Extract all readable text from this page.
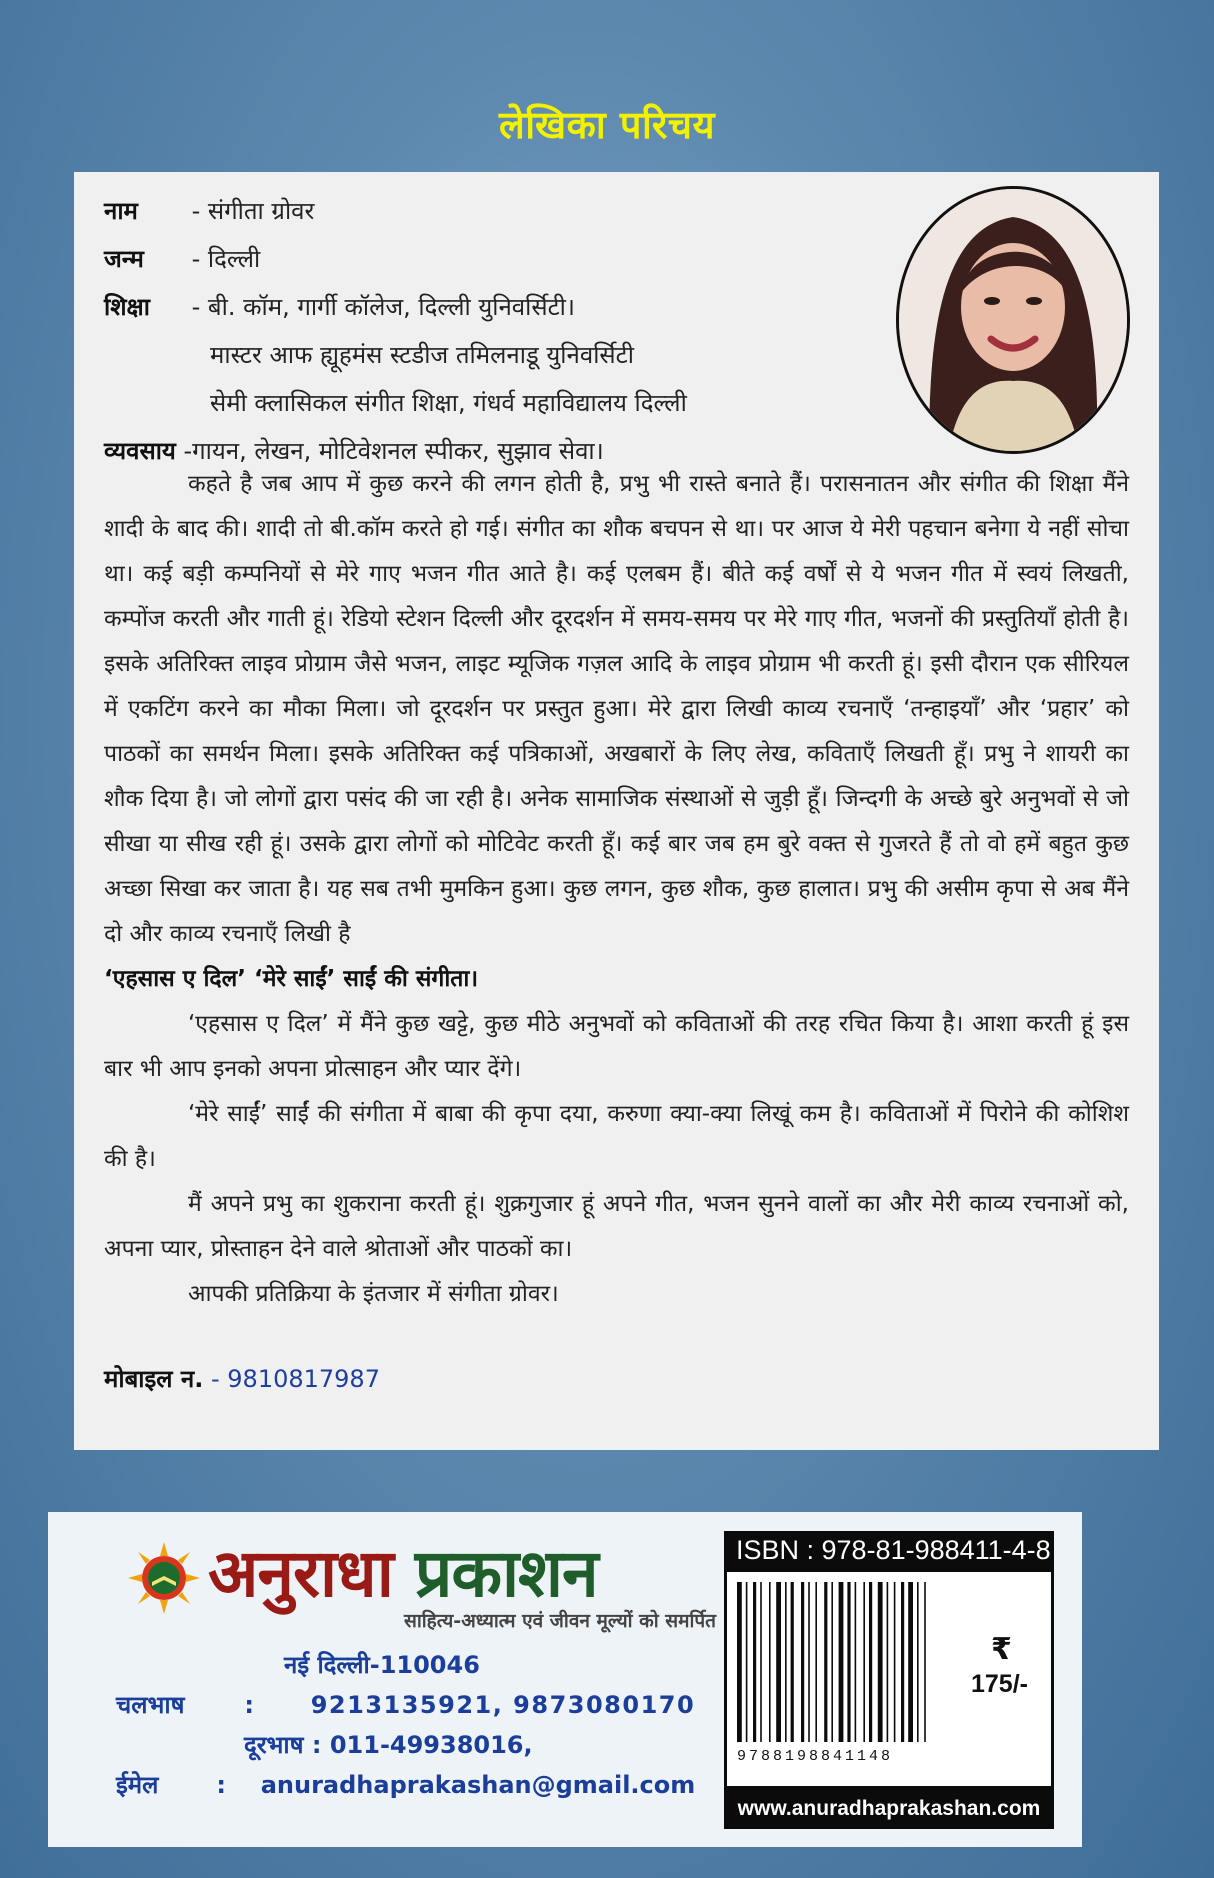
लेखिका परिचय
नाम - संगीता ग्रोवर
जन्म - दिल्ली
शिक्षा - बी. कॉम, गार्गी कॉलेज, दिल्ली युनिवर्सिटी।
मास्टर आफ ह्यूहमंस स्टडीज तमिलनाडू युनिवर्सिटी
सेमी क्लासिकल संगीत शिक्षा, गंधर्व महाविद्यालय दिल्ली
व्यवसाय -गायन, लेखन, मोटिवेशनल स्पीकर, सुझाव सेवा।

कहते है जब आप में कुछ करने की लगन होती है, प्रभु भी रास्ते बनाते हैं। परासनातन और संगीत की शिक्षा मैंने शादी के बाद की। शादी तो बी.कॉम करते हो गई। संगीत का शौक बचपन से था। पर आज ये मेरी पहचान बनेगा ये नहीं सोचा था। कई बड़ी कम्पनियों से मेरे गाए भजन गीत आते है। कई एलबम हैं। बीते कई वर्षों से ये भजन गीत में स्वयं लिखती, कम्पोंज करती और गाती हूं। रेडियो स्टेशन दिल्ली और दूरदर्शन में समय-समय पर मेरे गाए गीत, भजनों की प्रस्तुतियाँ होती है। इसके अतिरिक्त लाइव प्रोग्राम जैसे भजन, लाइट म्यूजिक गज़ल आदि के लाइव प्रोग्राम भी करती हूं। इसी दौरान एक सीरियल में एकटिंग करने का मौका मिला। जो दूरदर्शन पर प्रस्तुत हुआ। मेरे द्वारा लिखी काव्य रचनाएँ ‘तन्हाइयाँ’ और ‘प्रहार’ को पाठकों का समर्थन मिला। इसके अतिरिक्त कई पत्रिकाओं, अखबारों के लिए लेख, कविताएँ लिखती हूँ। प्रभु ने शायरी का शौक दिया है। जो लोगों द्वारा पसंद की जा रही है। अनेक सामाजिक संस्थाओं से जुड़ी हूँ। जिन्दगी के अच्छे बुरे अनुभवों से जो सीखा या सीख रही हूं। उसके द्वारा लोगों को मोटिवेट करती हूँ। कई बार जब हम बुरे वक्त से गुजरते हैं तो वो हमें बहुत कुछ अच्छा सिखा कर जाता है। यह सब तभी मुमकिन हुआ। कुछ लगन, कुछ शौक, कुछ हालात। प्रभु की असीम कृपा से अब मैंने दो और काव्य रचनाएँ लिखी है

‘एहसास ए दिल’ ‘मेरे साईं’ साईं की संगीता।

‘एहसास ए दिल’ में मैंने कुछ खट्टे, कुछ मीठे अनुभवों को कविताओं की तरह रचित किया है। आशा करती हूं इस बार भी आप इनको अपना प्रोत्साहन और प्यार देंगे।

‘मेरे साईं’ साईं की संगीता में बाबा की कृपा दया, करुणा क्या-क्या लिखूं कम है। कविताओं में पिरोने की कोशिश की है।

मैं अपने प्रभु का शुकराना करती हूं। शुक्रगुजार हूं अपने गीत, भजन सुनने वालों का और मेरी काव्य रचनाओं को, अपना प्यार, प्रोस्ताहन देने वाले श्रोताओं और पाठकों का।

आपकी प्रतिक्रिया के इंतजार में संगीता ग्रोवर।

मोबाइल न. - 9810817987
अनुराधा प्रकाशन
साहित्य-अध्यात्म एवं जीवन मूल्यों को समर्पित
नई दिल्ली-110046
चलभाष : 9213135921, 9873080170
दूरभाष : 011-49938016,
ईमेल : anuradhaprakashan@gmail.com
ISBN : 978-81-988411-4-8
9788198841148
₹
175/-
www.anuradhaprakashan.com
